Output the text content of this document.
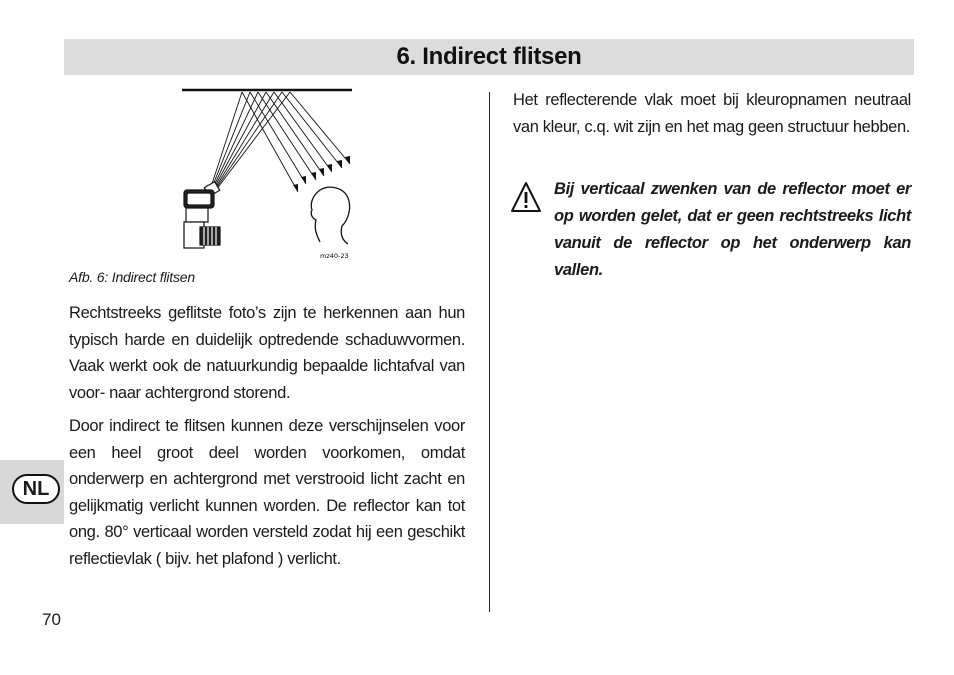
6. Indirect flitsen
NL
mz40-23
Afb. 6: Indirect flitsen

Rechtstreeks geflitste foto’s zijn te herkennen aan hun typisch harde en duidelijk optredende schaduwvormen. Vaak werkt ook de natuurkundig bepaalde lichtafval van voor- naar achtergrond storend.

Door indirect te flitsen kunnen deze verschijnselen voor een heel groot deel worden voorkomen, omdat onderwerp en achtergrond met verstrooid licht zacht en gelijkmatig verlicht kunnen worden. De reflector kan tot ong. 80° verticaal worden versteld zodat hij een geschikt reflectievlak ( bijv. het plafond ) verlicht.

Het reflecterende vlak moet bij kleuropnamen neutraal van kleur, c.q. wit zijn en het mag geen structuur hebben.

Bij verticaal zwenken van de reflector moet er op worden gelet, dat er geen rechtstreeks licht vanuit de reflector op het onderwerp kan vallen.

70
